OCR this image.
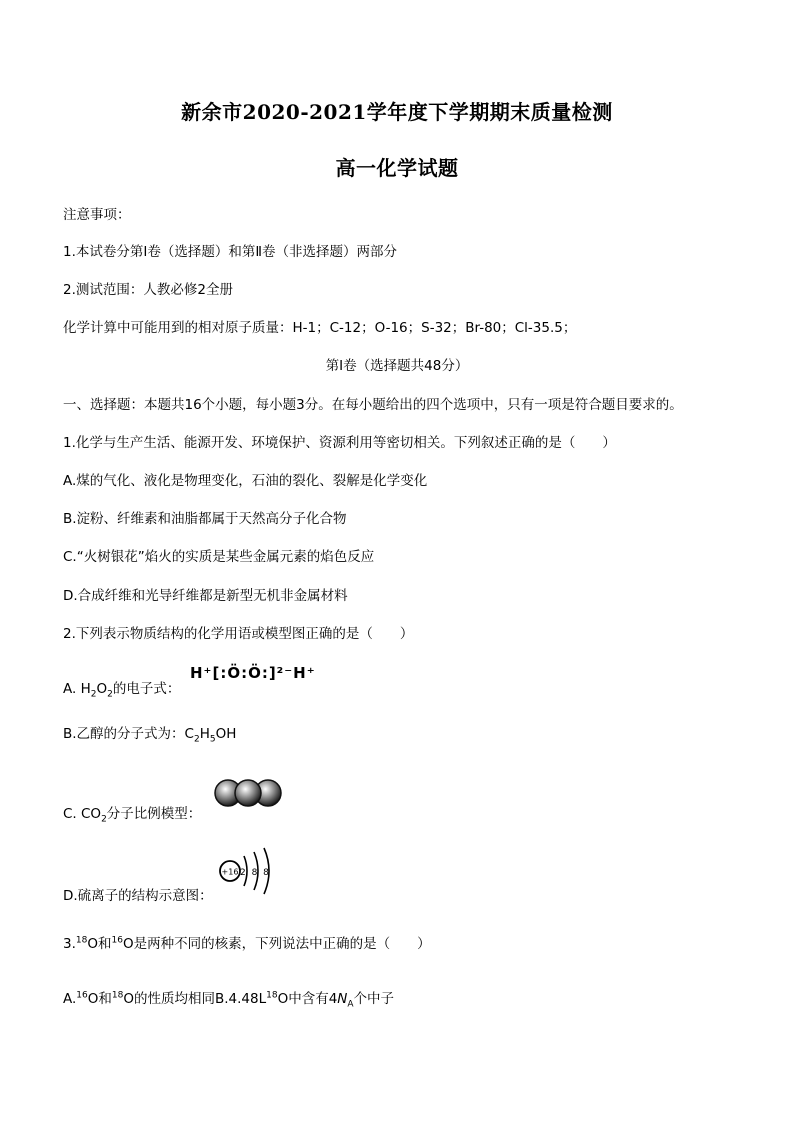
新余市2020-2021学年度下学期期末质量检测
高一化学试题
注意事项：
1.本试卷分第Ⅰ卷（选择题）和第Ⅱ卷（非选择题）两部分
2.测试范围：人教必修2全册
化学计算中可能用到的相对原子质量：H-1；C-12；O-16；S-32；Br-80；Cl-35.5；
第Ⅰ卷（选择题共48分）
一、选择题：本题共16个小题，每小题3分。在每小题给出的四个选项中，只有一项是符合题目要求的。
1.化学与生产生活、能源开发、环境保护、资源利用等密切相关。下列叙述正确的是（　　）
A.煤的气化、液化是物理变化，石油的裂化、裂解是化学变化
B.淀粉、纤维素和油脂都属于天然高分子化合物
C.“火树银花”焰火的实质是某些金属元素的焰色反应
D.合成纤维和光导纤维都是新型无机非金属材料
2.下列表示物质结构的化学用语或模型图正确的是（　　）
A. $H_2O_2$的电子式：
H⁺[:Ö:Ö:]²⁻H⁺
B.乙醇的分子式为：$C_2H_5OH$
C. $CO_2$分子比例模型：
D.硫离子的结构示意图：
+16 2 8 8
3.18O和$^{16}$O是两种不同的核素，下列说法中正确的是（　　）
A.$^{16}$O和$^{18}$O的性质均相同$B.4.48L^{18}O$中含有$4N_A$个中子
